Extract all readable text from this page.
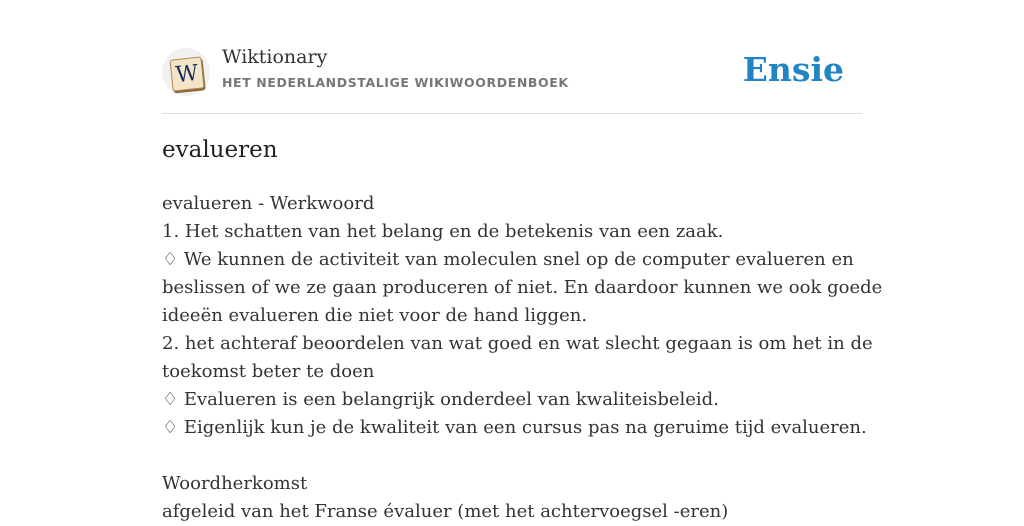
W
Wiktionary
HET NEDERLANDSTALIGE WIKIWOORDENBOEK	Ensie
evalueren
evalueren - Werkwoord
1. Het schatten van het belang en de betekenis van een zaak.
♢ We kunnen de activiteit van moleculen snel op de computer evalueren en
beslissen of we ze gaan produceren of niet. En daardoor kunnen we ook goede
ideeën evalueren die niet voor de hand liggen.
2. het achteraf beoordelen van wat goed en wat slecht gegaan is om het in de
toekomst beter te doen
♢ Evalueren is een belangrijk onderdeel van kwaliteisbeleid.
♢ Eigenlijk kun je de kwaliteit van een cursus pas na geruime tijd evalueren.
Woordherkomst
afgeleid van het Franse évaluer (met het achtervoegsel -eren)
